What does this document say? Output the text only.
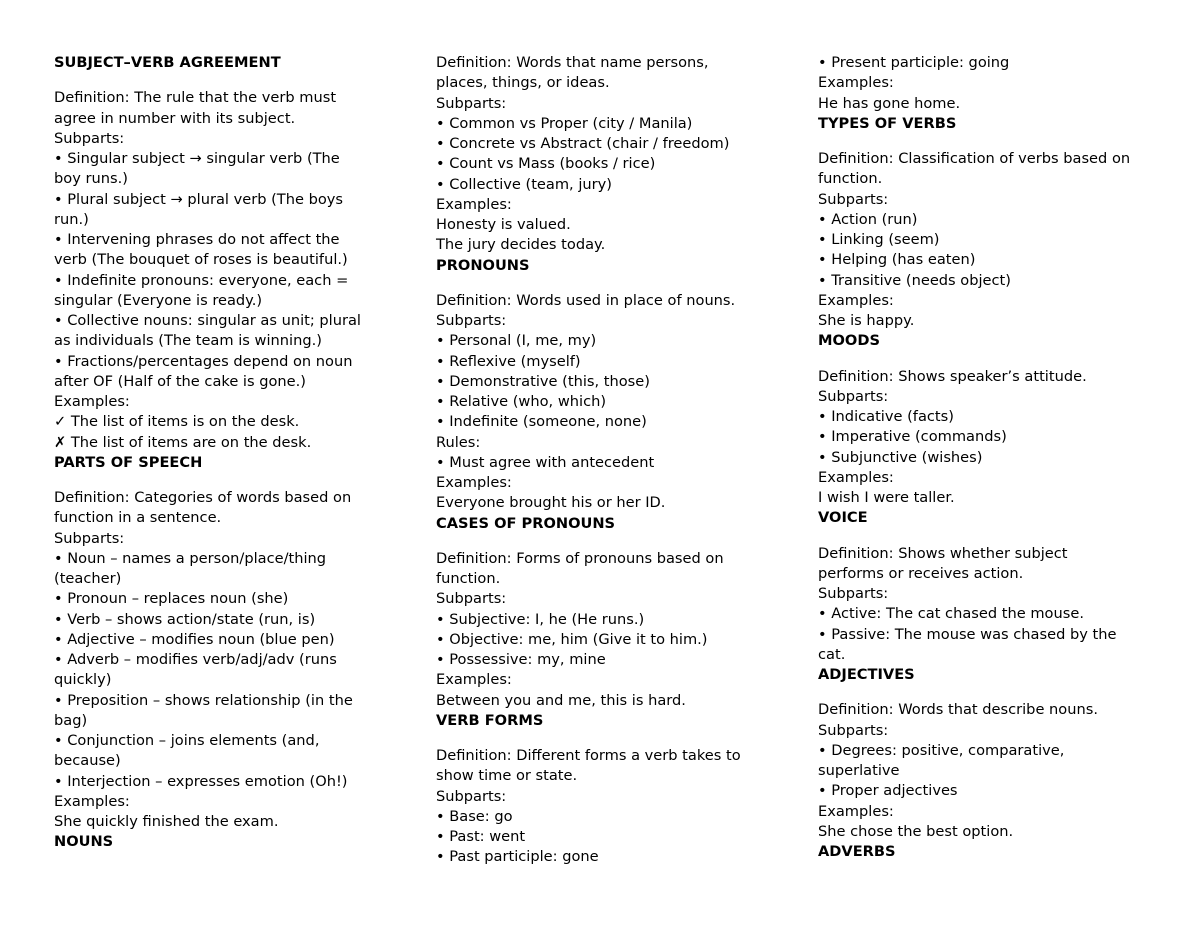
SUBJECT–VERB AGREEMENT
Definition: The rule that the verb must
agree in number with its subject.
Subparts:
• Singular subject → singular verb (The
boy runs.)
• Plural subject → plural verb (The boys
run.)
• Intervening phrases do not affect the
verb (The bouquet of roses is beautiful.)
• Indefinite pronouns: everyone, each =
singular (Everyone is ready.)
• Collective nouns: singular as unit; plural
as individuals (The team is winning.)
• Fractions/percentages depend on noun
after OF (Half of the cake is gone.)
Examples:
✓ The list of items is on the desk.
✗ The list of items are on the desk.
PARTS OF SPEECH
Definition: Categories of words based on
function in a sentence.
Subparts:
• Noun – names a person/place/thing
(teacher)
• Pronoun – replaces noun (she)
• Verb – shows action/state (run, is)
• Adjective – modifies noun (blue pen)
• Adverb – modifies verb/adj/adv (runs
quickly)
• Preposition – shows relationship (in the
bag)
• Conjunction – joins elements (and,
because)
• Interjection – expresses emotion (Oh!)
Examples:
She quickly finished the exam.
NOUNS
Definition: Words that name persons,
places, things, or ideas.
Subparts:
• Common vs Proper (city / Manila)
• Concrete vs Abstract (chair / freedom)
• Count vs Mass (books / rice)
• Collective (team, jury)
Examples:
Honesty is valued.
The jury decides today.
PRONOUNS
Definition: Words used in place of nouns.
Subparts:
• Personal (I, me, my)
• Reflexive (myself)
• Demonstrative (this, those)
• Relative (who, which)
• Indefinite (someone, none)
Rules:
• Must agree with antecedent
Examples:
Everyone brought his or her ID.
CASES OF PRONOUNS
Definition: Forms of pronouns based on
function.
Subparts:
• Subjective: I, he (He runs.)
• Objective: me, him (Give it to him.)
• Possessive: my, mine
Examples:
Between you and me, this is hard.
VERB FORMS
Definition: Different forms a verb takes to
show time or state.
Subparts:
• Base: go
• Past: went
• Past participle: gone
• Present participle: going
Examples:
He has gone home.
TYPES OF VERBS
Definition: Classification of verbs based on
function.
Subparts:
• Action (run)
• Linking (seem)
• Helping (has eaten)
• Transitive (needs object)
Examples:
She is happy.
MOODS
Definition: Shows speaker’s attitude.
Subparts:
• Indicative (facts)
• Imperative (commands)
• Subjunctive (wishes)
Examples:
I wish I were taller.
VOICE
Definition: Shows whether subject
performs or receives action.
Subparts:
• Active: The cat chased the mouse.
• Passive: The mouse was chased by the
cat.
ADJECTIVES
Definition: Words that describe nouns.
Subparts:
• Degrees: positive, comparative,
superlative
• Proper adjectives
Examples:
She chose the best option.
ADVERBS
